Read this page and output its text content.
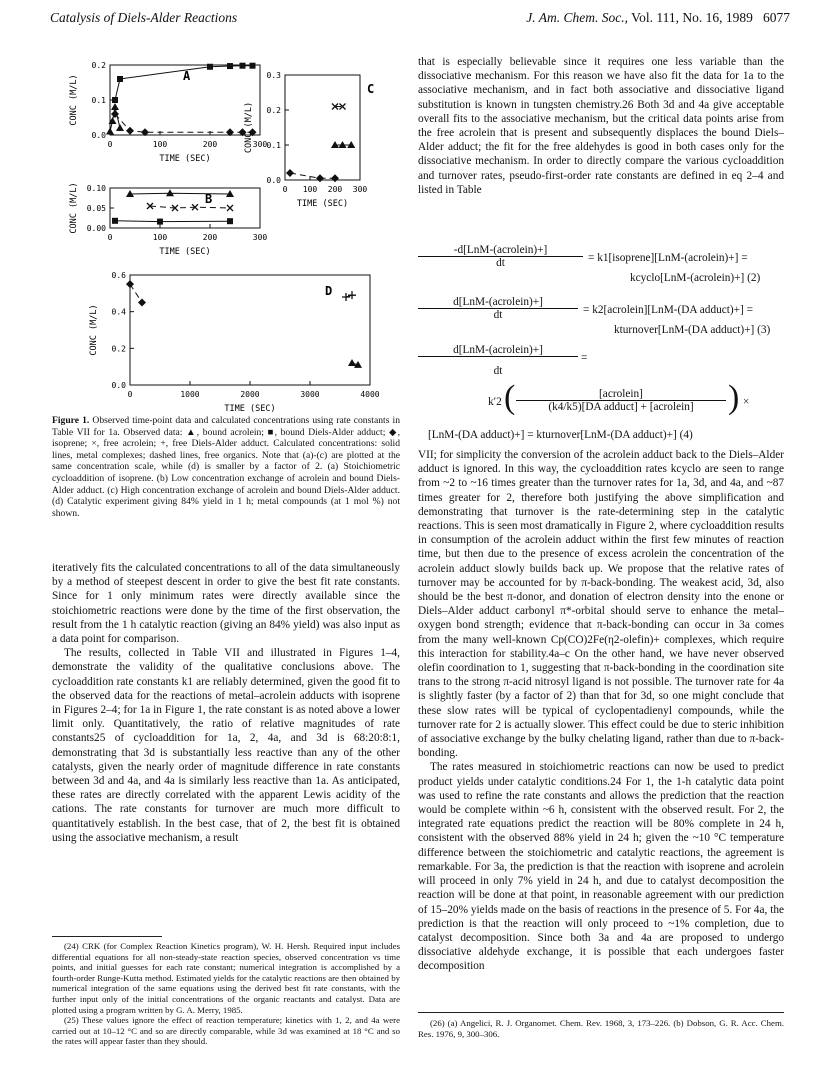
Catalysis of Diels-Alder Reactions	J. Am. Chem. Soc., Vol. 111, No. 16, 1989 6077
0	100	200	300
0.0
0.1
0.2
TIME (SEC)
CONC (M/L)	A
0	100	200	300
0.00
0.05
0.10
TIME (SEC)
CONC (M/L)	B
0 100 200 300
0.0
0.1
0.2
0.3
TIME (SEC)
CONC (M/L)
C
0	1000	2000	3000	4000
0.0
0.2
0.4
0.6
TIME (SEC)
CONC (M/L)
D
Figure 1. Observed time-point data and calculated concentrations using rate constants in Table VII for 1a. Observed data: ▲, bound acrolein; ■, bound Diels-Alder adduct; ◆, isoprene; ×, free acrolein; +, free Diels-Alder adduct. Calculated concentrations: solid lines, metal complexes; dashed lines, free organics. Note that (a)-(c) are plotted at the same concentration scale, while (d) is smaller by a factor of 2. (a) Stoichiometric cycloaddition of isoprene. (b) Low concentration exchange of acrolein and bound Diels-Alder adduct. (c) High concentration exchange of acrolein and bound Diels-Alder adduct. (d) Catalytic experiment giving 84% yield in 1 h; metal compounds (at 1 mol %) not shown.

iteratively fits the calculated concentrations to all of the data simultaneously by a method of steepest descent in order to give the best fit rate constants. Since for 1 only minimum rates were directly available since the stoichiometric reactions were done by the time of the first observation, the result from the 1 h catalytic reaction (giving an 84% yield) was also input as a data point for comparison.

The results, collected in Table VII and illustrated in Figures 1–4, demonstrate the validity of the qualitative conclusions above. The cycloaddition rate constants k1 are reliably determined, given the good fit to the observed data for the reactions of metal–acrolein adducts with isoprene in Figures 2–4; for 1a in Figure 1, the rate constant is as noted above a lower limit only. Quantitatively, the ratio of relative magnitudes of rate constants25 of cycloaddition for 1a, 2, 4a, and 3d is 68:20:8:1, demonstrating that 3d is substantially less reactive than any of the other catalysts, given the nearly order of magnitude difference in rate constants between 3d and 4a, and 4a is similarly less reactive than 1a. As anticipated, these rates are directly correlated with the apparent Lewis acidity of the cations. The rate constants for turnover are much more difficult to quantitatively establish. In the best case, that of 2, the best fit is obtained using the associative mechanism, a result

(24) CRK (for Complex Reaction Kinetics program), W. H. Hersh. Required input includes differential equations for all non-steady-state reaction species, observed concentration vs time points, and initial guesses for each rate constant; numerical integration is accomplished by a fourth-order Runge-Kutta method. Estimated yields for the catalytic reactions are then obtained by numerical integration of the same equations using the derived best fit rate constants, with the further input only of the initial concentrations of the organic reactants and catalyst. Data are plotted using a program written by G. A. Merry, 1985.

(25) These values ignore the effect of reaction temperature; kinetics with 1, 2, and 4a were carried out at 10–12 °C and so are directly comparable, while 3d was examined at 18 °C and so the rates will appear faster than they should.

that is especially believable since it requires one less variable than the dissociative mechanism. For this reason we have also fit the data for 1a to the associative mechanism, and in fact both associative and dissociative ligand substitution is known in tungsten chemistry.26 Both 3d and 4a give acceptable overall fits to the associative mechanism, but the critical data points arise from the free acrolein that is present and subsequently displaces the bound Diels–Alder adduct; the fit for the free aldehydes is good in both cases only for the dissociative mechanism. In order to directly compare the various cycloaddition and turnover rates, pseudo-first-order rate constants are defined in eq 2–4 and listed in Table

-d[LnM-(acrolein)+]
dt	= k1[isoprene][LnM-(acrolein)+] =
kcyclo[LnM-(acrolein)+] (2)
d[LnM-(acrolein)+]
dt	= k2[acrolein][LnM-(DA adduct)+] =
kturnover[LnM-(DA adduct)+] (3)
d[LnM-(acrolein)+]
dt
=
k′2 (	[acrolein]
(k4/k5)[DA adduct] + [acrolein]	) ×
[LnM-(DA adduct)+] = kturnover[LnM-(DA adduct)+] (4)

VII; for simplicity the conversion of the acrolein adduct back to the Diels–Alder adduct is ignored. In this way, the cycloaddition rates kcyclo are seen to range from ~2 to ~16 times greater than the turnover rates for 1a, 3d, and 4a, and ~87 times greater for 2, therefore both justifying the above simplification and demonstrating that turnover is the rate-determining step in the catalytic reactions. This is seen most dramatically in Figure 2, where cycloaddition results in consumption of the acrolein adduct within the first few minutes of reaction time, but then due to the presence of excess acrolein the concentration of the acrolein adduct slowly builds back up. We propose that the relative rates of turnover may be accounted for by π-back-bonding. The weakest acid, 3d, also should be the best π-donor, and donation of electron density into the enone or Diels–Alder adduct carbonyl π*-orbital should serve to enhance the metal–oxygen bond strength; evidence that π-back-bonding can occur in 3a comes from the many well-known Cp(CO)2Fe(η2-olefin)+ complexes, which require this interaction for stability.4a–c On the other hand, we have never observed olefin coordination to 1, suggesting that π-back-bonding in the coordination site trans to the strong π-acid nitrosyl ligand is not possible. The turnover rate for 4a is slightly faster (by a factor of 2) than that for 3d, so one might conclude that these slow rates will be typical of cyclopentadienyl compounds, while the turnover rate for 2 is actually slower. This effect could be due to steric inhibition of associative exchange by the bulky chelating ligand, rather than due to π-back-bonding.

The rates measured in stoichiometric reactions can now be used to predict product yields under catalytic conditions.24 For 1, the 1-h catalytic data point was used to refine the rate constants and allows the prediction that the reaction would be complete within ~6 h, consistent with the observed result. For 2, the integrated rate equations predict the reaction will be 80% complete in 24 h, consistent with the observed 88% yield in 24 h; given the ~10 °C temperature difference between the stoichiometric and catalytic reactions, the agreement is remarkable. For 3a, the prediction is that the reaction with isoprene and acrolein will proceed in only 7% yield in 24 h, and due to catalyst decomposition the reaction will be done at that point, in reasonable agreement with our prediction of 15–20% yields made on the basis of reactions in the presence of 5. For 4a, the prediction is that the reaction will only proceed to ~1% completion, due to catalyst decomposition. Since both 3a and 4a are proposed to undergo dissociative aldehyde exchange, it is possible that each undergoes faster decomposition

(26) (a) Angelici, R. J. Organomet. Chem. Rev. 1968, 3, 173–226. (b) Dobson, G. R. Acc. Chem. Res. 1976, 9, 300–306.
